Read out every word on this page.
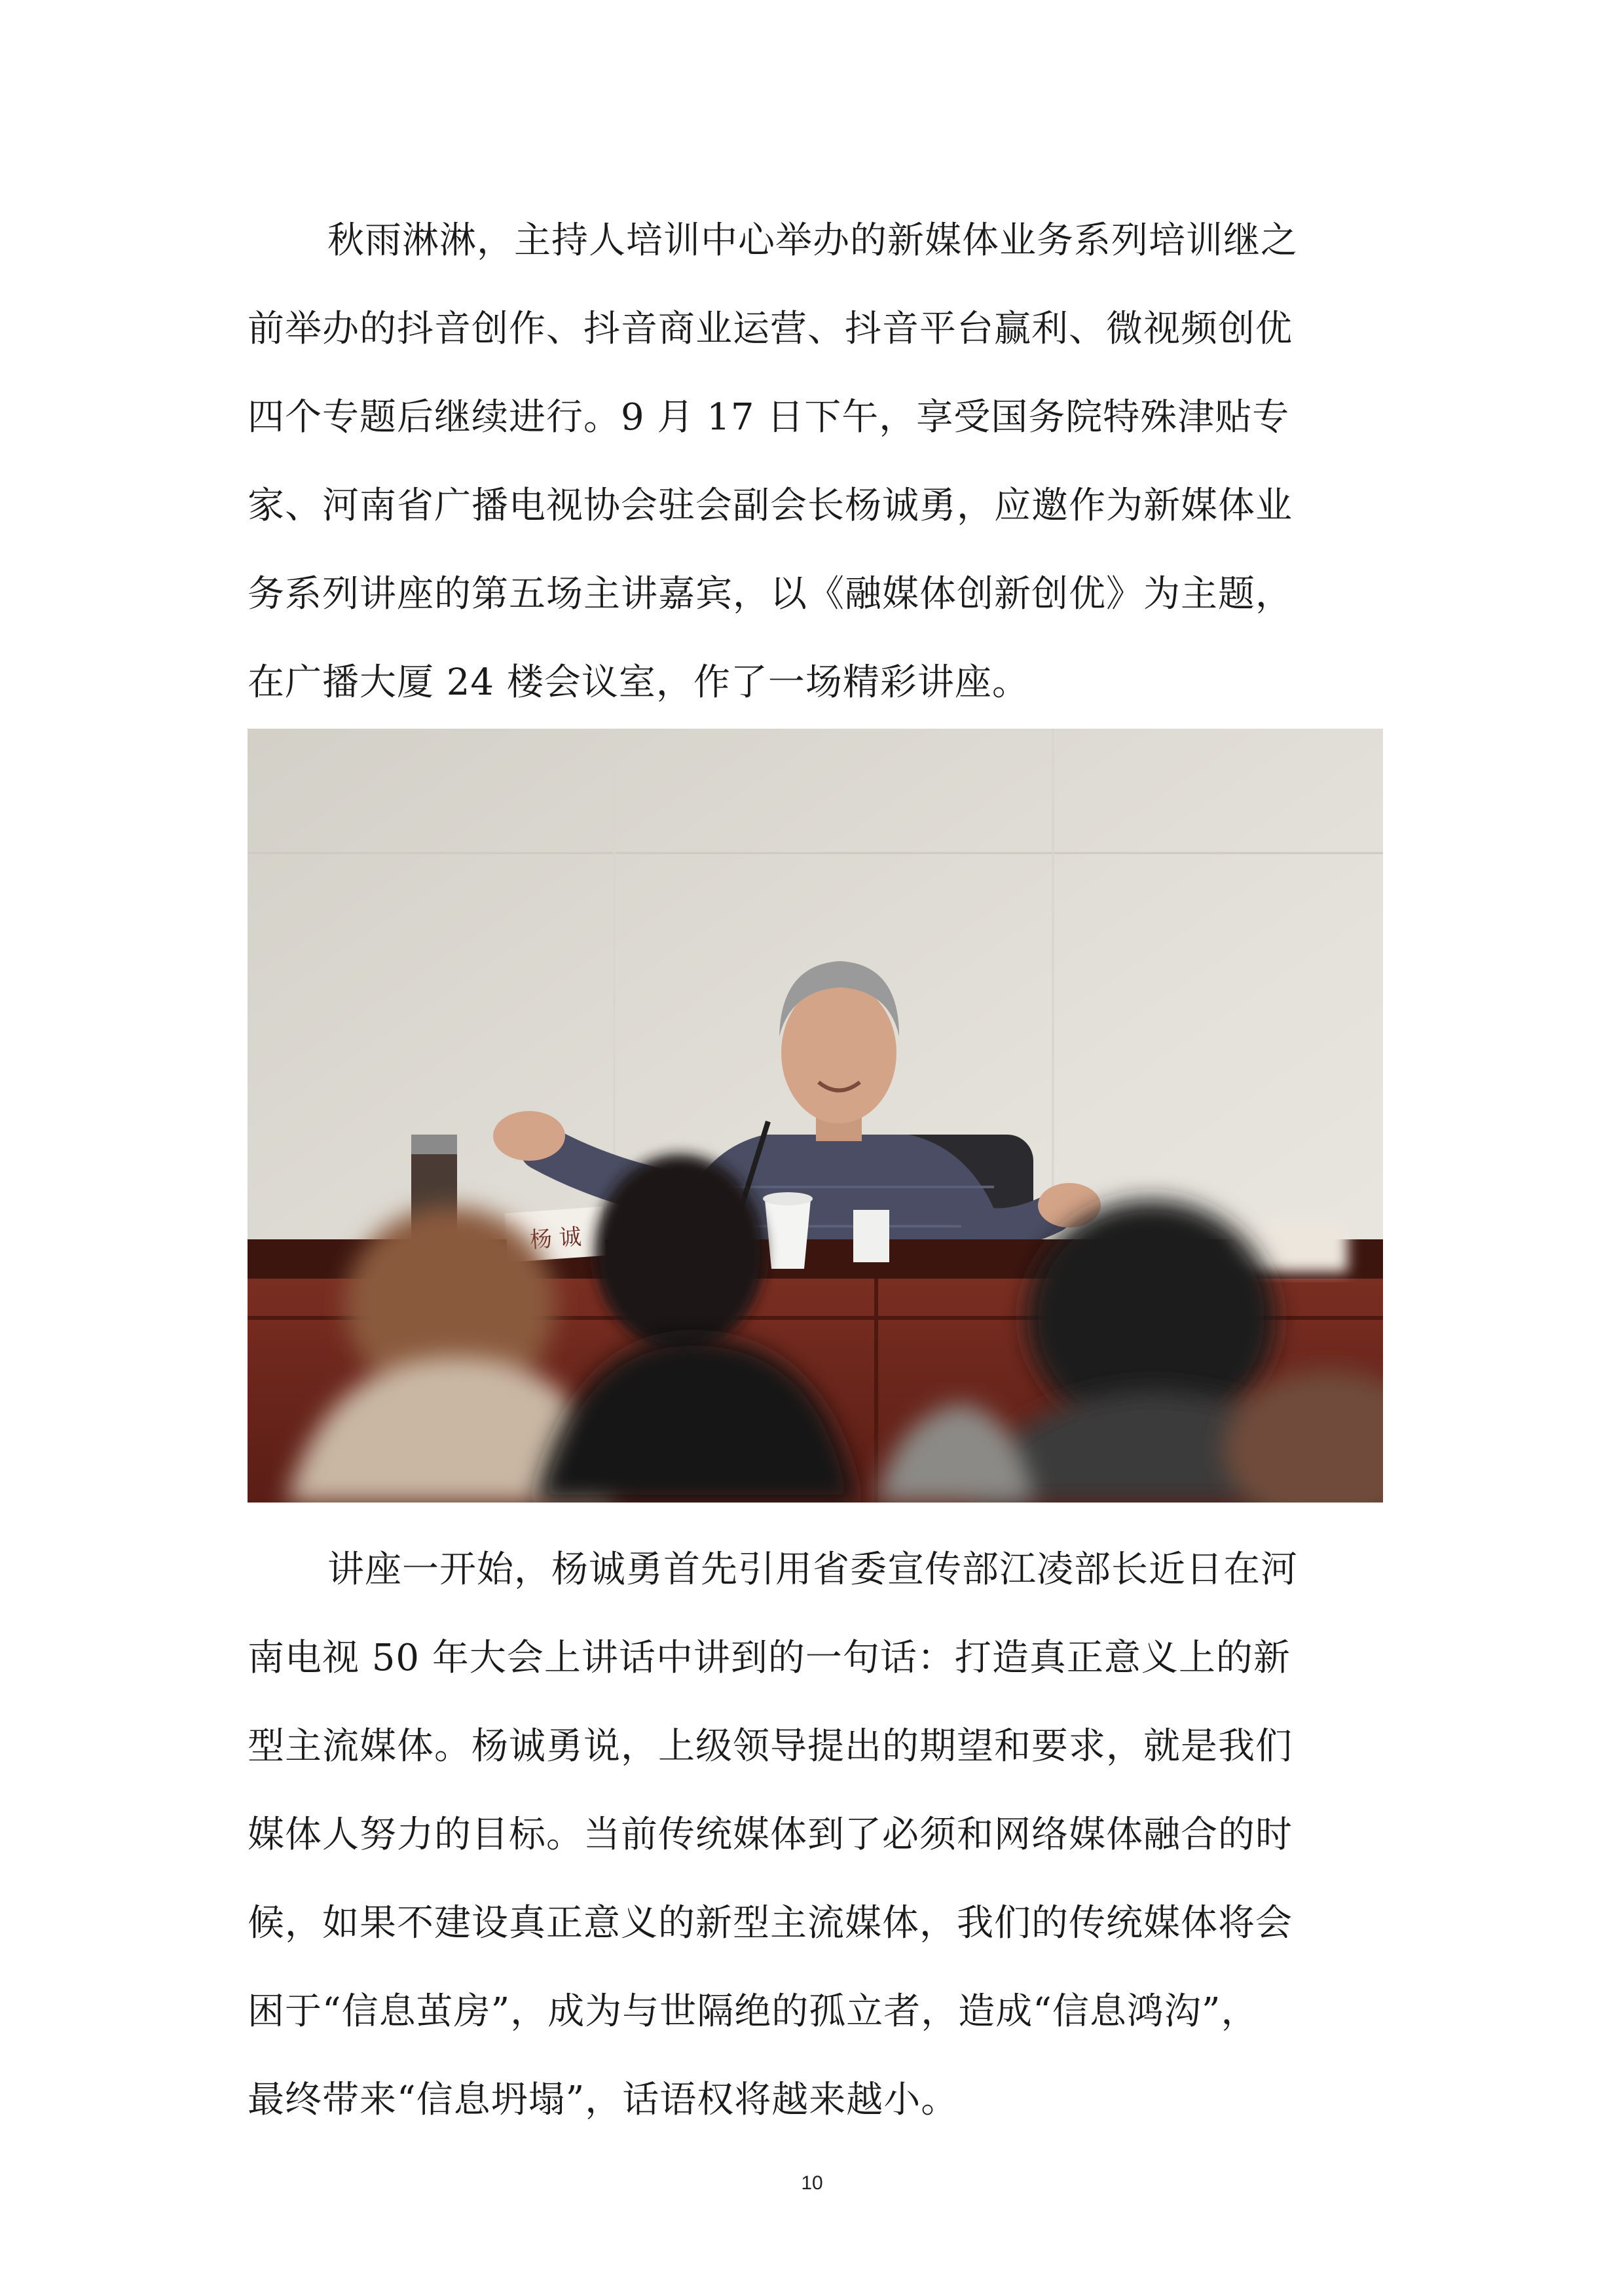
秋雨淋淋，主持人培训中心举办的新媒体业务系列培训继之
前举办的抖音创作、抖音商业运营、抖音平台赢利、微视频创优
四个专题后继续进行。9 月 17 日下午，享受国务院特殊津贴专
家、河南省广播电视协会驻会副会长杨诚勇，应邀作为新媒体业
务系列讲座的第五场主讲嘉宾，以《融媒体创新创优》为主题，
在广播大厦 24 楼会议室，作了一场精彩讲座。

杨 诚

讲座一开始，杨诚勇首先引用省委宣传部江凌部长近日在河
南电视 50 年大会上讲话中讲到的一句话：打造真正意义上的新
型主流媒体。杨诚勇说，上级领导提出的期望和要求，就是我们
媒体人努力的目标。当前传统媒体到了必须和网络媒体融合的时
候，如果不建设真正意义的新型主流媒体，我们的传统媒体将会
困于“信息茧房”，成为与世隔绝的孤立者，造成“信息鸿沟”，
最终带来“信息坍塌”，话语权将越来越小。

10
